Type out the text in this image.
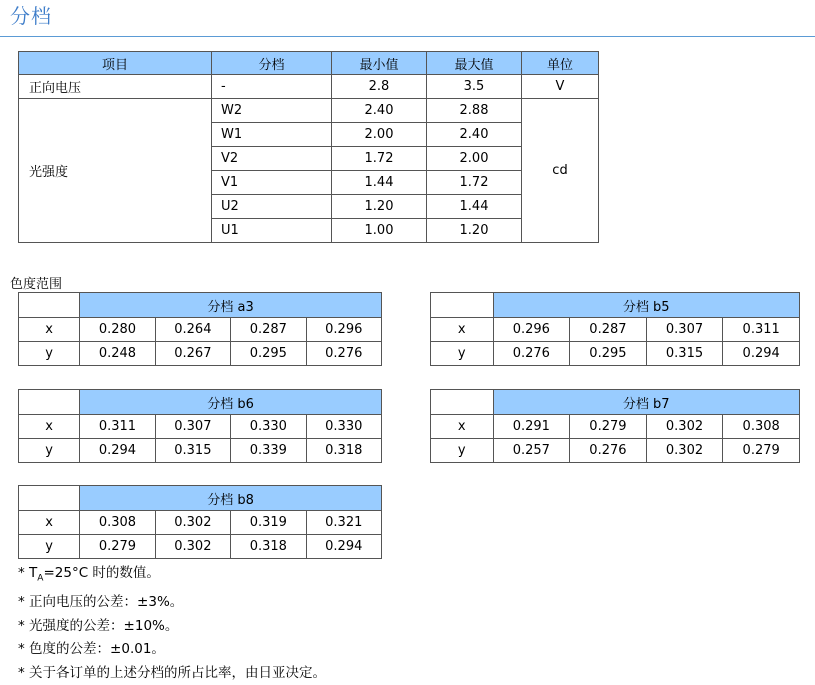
分档
项目	分档	最小值	最大值	单位
正向电压	-	2.8	3.5	V
光强度	W2	2.40	2.88	cd
	W1	2.00	2.40	
	V2	1.72	2.00	
	V1	1.44	1.72	
	U2	1.20	1.44	
	U1	1.00	1.20	
色度范围
	分档 a3			
x	0.280	0.264	0.287	0.296
y	0.248	0.267	0.295	0.276
	分档 b5			
x	0.296	0.287	0.307	0.311
y	0.276	0.295	0.315	0.294
	分档 b6			
x	0.311	0.307	0.330	0.330
y	0.294	0.315	0.339	0.318
	分档 b7			
x	0.291	0.279	0.302	0.308
y	0.257	0.276	0.302	0.279
	分档 b8			
x	0.308	0.302	0.319	0.321
y	0.279	0.302	0.318	0.294
* $T_A=25^\circ C$ 时的数值。
* 正向电压的公差：±3%。
* 光强度的公差：±10%。
* 色度的公差：±0.01。
* 关于各订单的上述分档的所占比率，由日亚决定。
